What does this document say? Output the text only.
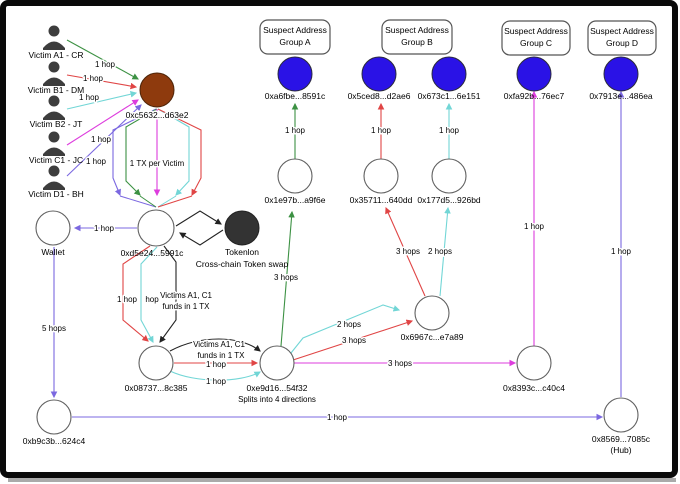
1 hop
1 hop
1 hop
1 hop
1 hop	1 TX per Victim
1 hop
5 hops
1 hop hop Victims A1, C1
funds in 1 TX
Victims A1, C1
funds in 1 TX
1 hop
1 hop
3 hops
2 hops
3 hops
3 hops
3 hops 2 hops
1 hop	1 hop	1 hop
1 hop
1 hop
1 hop
Victim A1 - CR
Victim B1 - DM
Victim B2 - JT
Victim C1 - JC
Victim D1 - BH
Suspect Address
Group A
0xa6fbe...8591c
Suspect Address
Group B
0x5ced8...d2ae6 0x673c1...6e151
Suspect Address
Group C
0xfa92b...76ec7
Suspect Address
Group D
0x7913e...486ea
0xc5632...d63e2
Wallet	0xd5e24...5991c	Tokenlon
Cross-chain Token swap
0x1e97b...a9f6e	0x35711...640dd 0x177d5...926bd
0x08737...8c385	0xe9d16...54f32
Splits into 4 directions
0x6967c...e7a89
0x8393c...c40c4
0xb9c3b...624c4	0x8569...7085c
(Hub)
